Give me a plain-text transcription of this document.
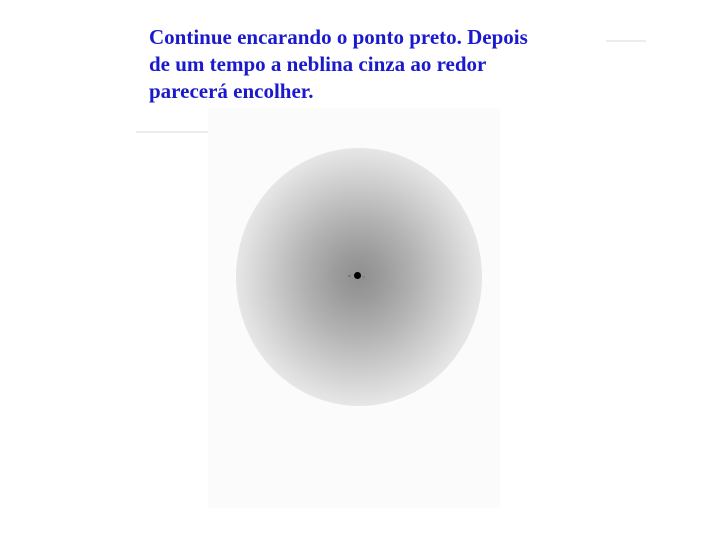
Continue encarando o ponto preto. Depois
de um tempo a neblina cinza ao redor
parecerá encolher.
